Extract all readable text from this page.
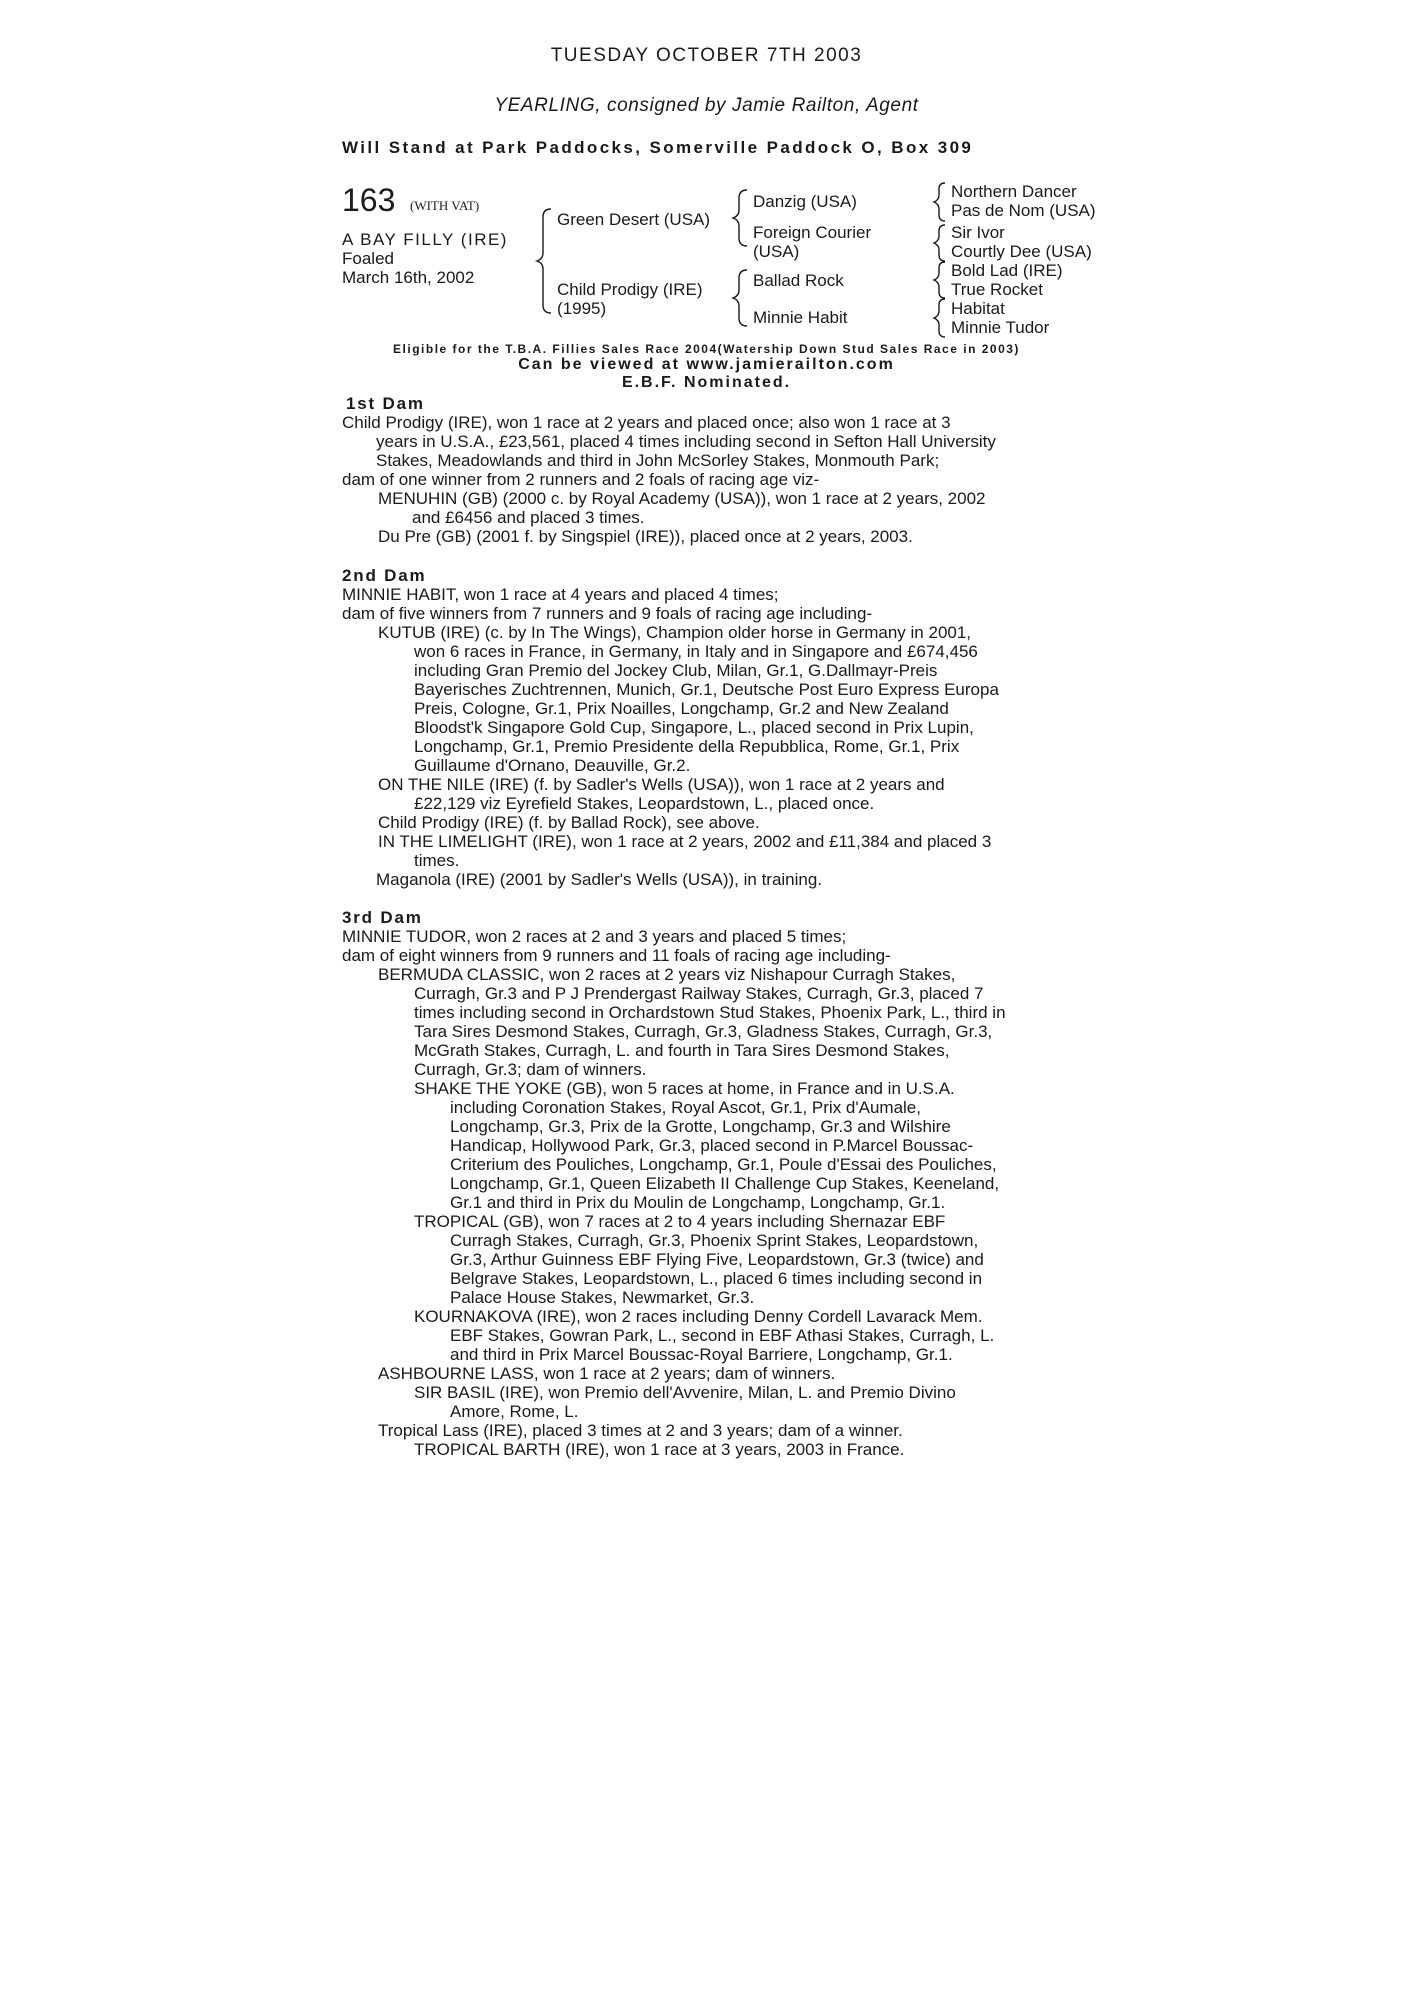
TUESDAY OCTOBER 7TH 2003
YEARLING, consigned by Jamie Railton, Agent
Will Stand at Park Paddocks, Somerville Paddock O, Box 309
163 (WITH VAT)
A BAY FILLY (IRE)
Foaled
March 16th, 2002
Green Desert (USA)
Child Prodigy (IRE)
(1995)
Danzig (USA)
Foreign Courier
(USA)
Ballad Rock
Minnie Habit
Northern Dancer
Pas de Nom (USA)
Sir Ivor
Courtly Dee (USA)
Bold Lad (IRE)
True Rocket
Habitat
Minnie Tudor
Eligible for the T.B.A. Fillies Sales Race 2004(Watership Down Stud Sales Race in 2003)
Can be viewed at www.jamierailton.com
E.B.F. Nominated.
1st Dam
Child Prodigy (IRE), won 1 race at 2 years and placed once; also won 1 race at 3
years in U.S.A., £23,561, placed 4 times including second in Sefton Hall University
Stakes, Meadowlands and third in John McSorley Stakes, Monmouth Park;
dam of one winner from 2 runners and 2 foals of racing age viz-
MENUHIN (GB) (2000 c. by Royal Academy (USA)), won 1 race at 2 years, 2002
and £6456 and placed 3 times.
Du Pre (GB) (2001 f. by Singspiel (IRE)), placed once at 2 years, 2003.
2nd Dam
MINNIE HABIT, won 1 race at 4 years and placed 4 times;
dam of five winners from 7 runners and 9 foals of racing age including-
KUTUB (IRE) (c. by In The Wings), Champion older horse in Germany in 2001,
won 6 races in France, in Germany, in Italy and in Singapore and £674,456
including Gran Premio del Jockey Club, Milan, Gr.1, G.Dallmayr-Preis
Bayerisches Zuchtrennen, Munich, Gr.1, Deutsche Post Euro Express Europa
Preis, Cologne, Gr.1, Prix Noailles, Longchamp, Gr.2 and New Zealand
Bloodst'k Singapore Gold Cup, Singapore, L., placed second in Prix Lupin,
Longchamp, Gr.1, Premio Presidente della Repubblica, Rome, Gr.1, Prix
Guillaume d'Ornano, Deauville, Gr.2.
ON THE NILE (IRE) (f. by Sadler's Wells (USA)), won 1 race at 2 years and
£22,129 viz Eyrefield Stakes, Leopardstown, L., placed once.
Child Prodigy (IRE) (f. by Ballad Rock), see above.
IN THE LIMELIGHT (IRE), won 1 race at 2 years, 2002 and £11,384 and placed 3
times.
Maganola (IRE) (2001 by Sadler's Wells (USA)), in training.
3rd Dam
MINNIE TUDOR, won 2 races at 2 and 3 years and placed 5 times;
dam of eight winners from 9 runners and 11 foals of racing age including-
BERMUDA CLASSIC, won 2 races at 2 years viz Nishapour Curragh Stakes,
Curragh, Gr.3 and P J Prendergast Railway Stakes, Curragh, Gr.3, placed 7
times including second in Orchardstown Stud Stakes, Phoenix Park, L., third in
Tara Sires Desmond Stakes, Curragh, Gr.3, Gladness Stakes, Curragh, Gr.3,
McGrath Stakes, Curragh, L. and fourth in Tara Sires Desmond Stakes,
Curragh, Gr.3; dam of winners.
SHAKE THE YOKE (GB), won 5 races at home, in France and in U.S.A.
including Coronation Stakes, Royal Ascot, Gr.1, Prix d'Aumale,
Longchamp, Gr.3, Prix de la Grotte, Longchamp, Gr.3 and Wilshire
Handicap, Hollywood Park, Gr.3, placed second in P.Marcel Boussac-
Criterium des Pouliches, Longchamp, Gr.1, Poule d'Essai des Pouliches,
Longchamp, Gr.1, Queen Elizabeth II Challenge Cup Stakes, Keeneland,
Gr.1 and third in Prix du Moulin de Longchamp, Longchamp, Gr.1.
TROPICAL (GB), won 7 races at 2 to 4 years including Shernazar EBF
Curragh Stakes, Curragh, Gr.3, Phoenix Sprint Stakes, Leopardstown,
Gr.3, Arthur Guinness EBF Flying Five, Leopardstown, Gr.3 (twice) and
Belgrave Stakes, Leopardstown, L., placed 6 times including second in
Palace House Stakes, Newmarket, Gr.3.
KOURNAKOVA (IRE), won 2 races including Denny Cordell Lavarack Mem.
EBF Stakes, Gowran Park, L., second in EBF Athasi Stakes, Curragh, L.
and third in Prix Marcel Boussac-Royal Barriere, Longchamp, Gr.1.
ASHBOURNE LASS, won 1 race at 2 years; dam of winners.
SIR BASIL (IRE), won Premio dell'Avvenire, Milan, L. and Premio Divino
Amore, Rome, L.
Tropical Lass (IRE), placed 3 times at 2 and 3 years; dam of a winner.
TROPICAL BARTH (IRE), won 1 race at 3 years, 2003 in France.
